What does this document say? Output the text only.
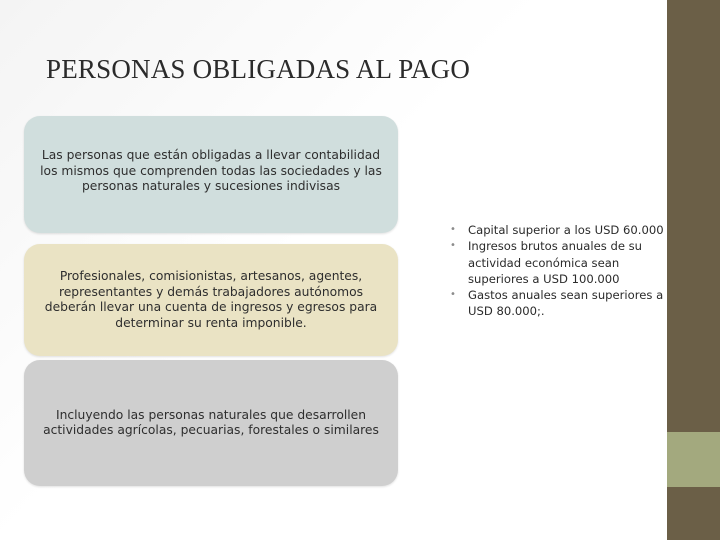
PERSONAS OBLIGADAS AL PAGO
Las personas que están obligadas a llevar contabilidad los mismos que comprenden todas las sociedades y las personas naturales y sucesiones indivisas
Profesionales, comisionistas, artesanos, agentes, representantes y demás trabajadores autónomos deberán llevar una cuenta de ingresos y egresos para determinar su renta imponible.
Incluyendo las personas naturales que desarrollen actividades agrícolas, pecuarias, forestales o similares
• Capital superior a los USD 60.000
• Ingresos brutos anuales de su actividad económica sean superiores a USD 100.000
• Gastos anuales sean superiores a USD 80.000;.
